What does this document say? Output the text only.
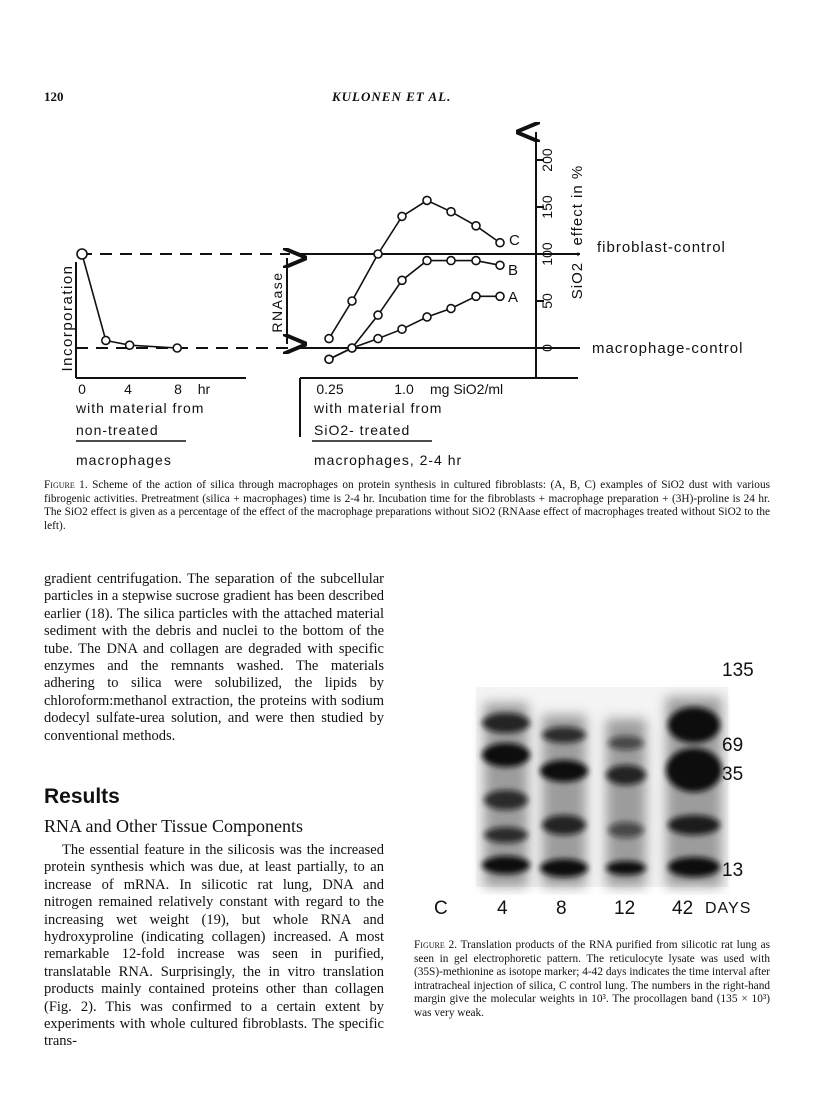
120	KULONEN ET AL.
0
50
100
150
200
SiO2 - effect in %
Incorporation	RNAase
fibroblast-control
macrophage-control
C
B
A
0	4	8 hr
with material from
non-treated
macrophages
0.25	1.0 mg SiO2/ml
with material from
SiO2- treated
macrophages, 2-4 hr
Figure 1. Scheme of the action of silica through macrophages on protein synthesis in cultured fibroblasts: (A, B, C) examples of SiO2 dust with various fibrogenic activities. Pretreatment (silica + macrophages) time is 2-4 hr. Incubation time for the fibroblasts + macrophage preparation + (3H)-proline is 24 hr. The SiO2 effect is given as a percentage of the effect of the macrophage preparations without SiO2 (RNAase effect of macrophages treated without SiO2 to the left).
gradient centrifugation. The separation of the subcellular particles in a stepwise sucrose gradient has been described earlier (18). The silica particles with the attached material sediment with the debris and nuclei to the bottom of the tube. The DNA and collagen are degraded with specific enzymes and the remnants washed. The materials adhering to silica were solubilized, the lipids by chloroform:methanol extraction, the proteins with sodium dodecyl sulfate-urea solution, and were then studied by conventional methods.
Results
RNA and Other Tissue Components
The essential feature in the silicosis was the increased protein synthesis which was due, at least partially, to an increase of mRNA. In silicotic rat lung, DNA and nitrogen remained relatively constant with regard to the increasing wet weight (19), but whole RNA and hydroxyproline (indicating collagen) increased. A most remarkable 12-fold increase was seen in purified, translatable RNA. Surprisingly, the in vitro translation products mainly contained proteins other than collagen (Fig. 2). This was confirmed to a certain extent by experiments with whole cultured fibroblasts. The specific trans-
135
69
35
13
C	4	8 12 42 DAYS
Figure 2. Translation products of the RNA purified from silicotic rat lung as seen in gel electrophoretic pattern. The reticulocyte lysate was used with (35S)-methionine as isotope marker; 4-42 days indicates the time interval after intratracheal injection of silica, C control lung. The numbers in the right-hand margin give the molecular weights in 10³. The procollagen band (135 × 10³) was very weak.
